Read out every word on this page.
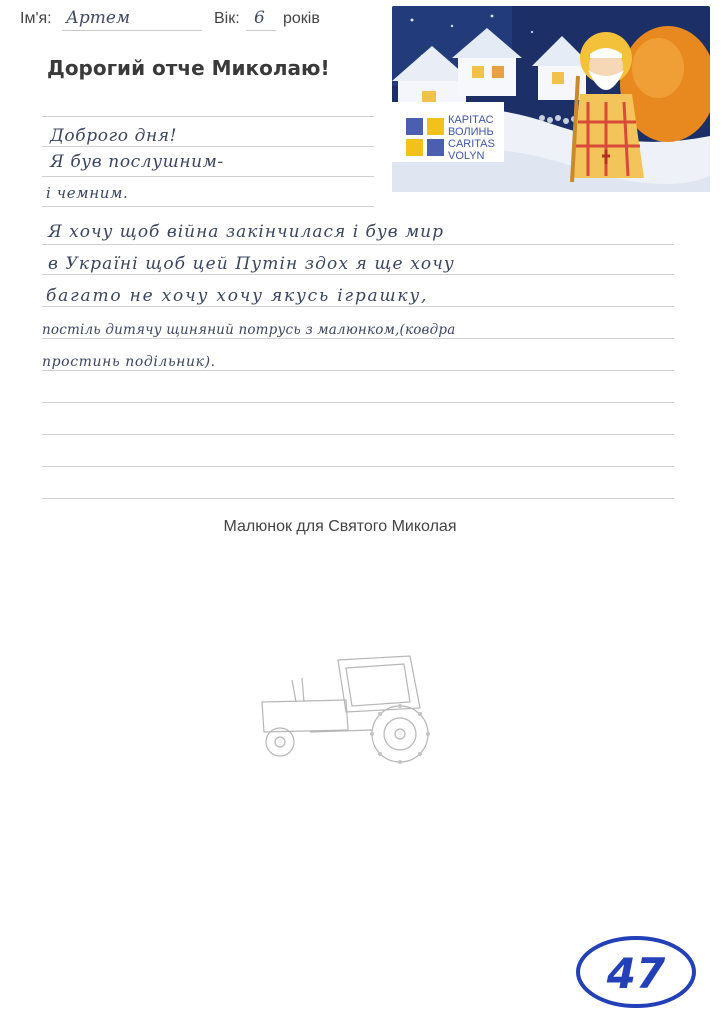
Ім'я: Артем	Вік: 6 років
Дорогий отче Миколаю!
КАРІТАС
ВОЛИНЬ
CARITAS
VOLYN
Доброго дня!
Я був послушним-
і чемним.
Я хочу щоб війна закінчилася і був мир
в Україні щоб цей Путін здох я ще хочу
багато не хочу хочу якусь іграшку,
постіль дитячу щиняний потрусь з малюнком,(ковдра
простинь подільник).
Малюнок для Святого Миколая
47
